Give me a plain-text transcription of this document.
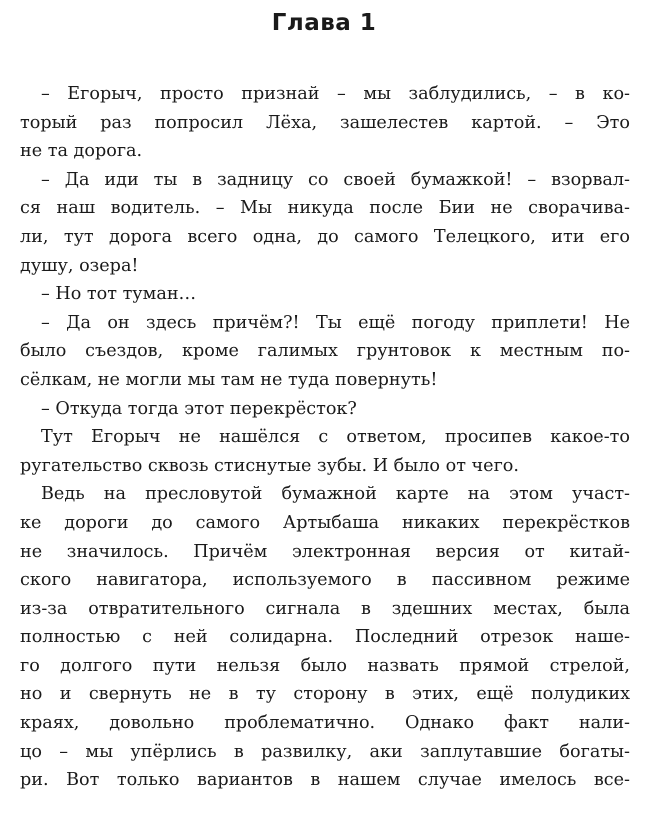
Глава 1
– Егорыч, просто признай – мы заблудились, – в ко-
торый раз попросил Лёха, зашелестев картой. – Это
не та дорога.
– Да иди ты в задницу со своей бумажкой! – взорвал-
ся наш водитель. – Мы никуда после Бии не сворачива-
ли, тут дорога всего одна, до самого Телецкого, ити его
душу, озера!
– Но тот туман…
– Да он здесь причём?! Ты ещё погоду приплети! Не
было съездов, кроме галимых грунтовок к местным по-
сёлкам, не могли мы там не туда повернуть!
– Откуда тогда этот перекрёсток?
Тут Егорыч не нашёлся с ответом, просипев какое-то
ругательство сквозь стиснутые зубы. И было от чего.
Ведь на пресловутой бумажной карте на этом участ-
ке дороги до самого Артыбаша никаких перекрёстков
не значилось. Причём электронная версия от китай-
ского навигатора, используемого в пассивном режиме
из-за отвратительного сигнала в здешних местах, была
полностью с ней солидарна. Последний отрезок наше-
го долгого пути нельзя было назвать прямой стрелой,
но и свернуть не в ту сторону в этих, ещё полудиких
краях, довольно проблематично. Однако факт нали-
цо – мы упёрлись в развилку, аки заплутавшие богаты-
ри. Вот только вариантов в нашем случае имелось все-
